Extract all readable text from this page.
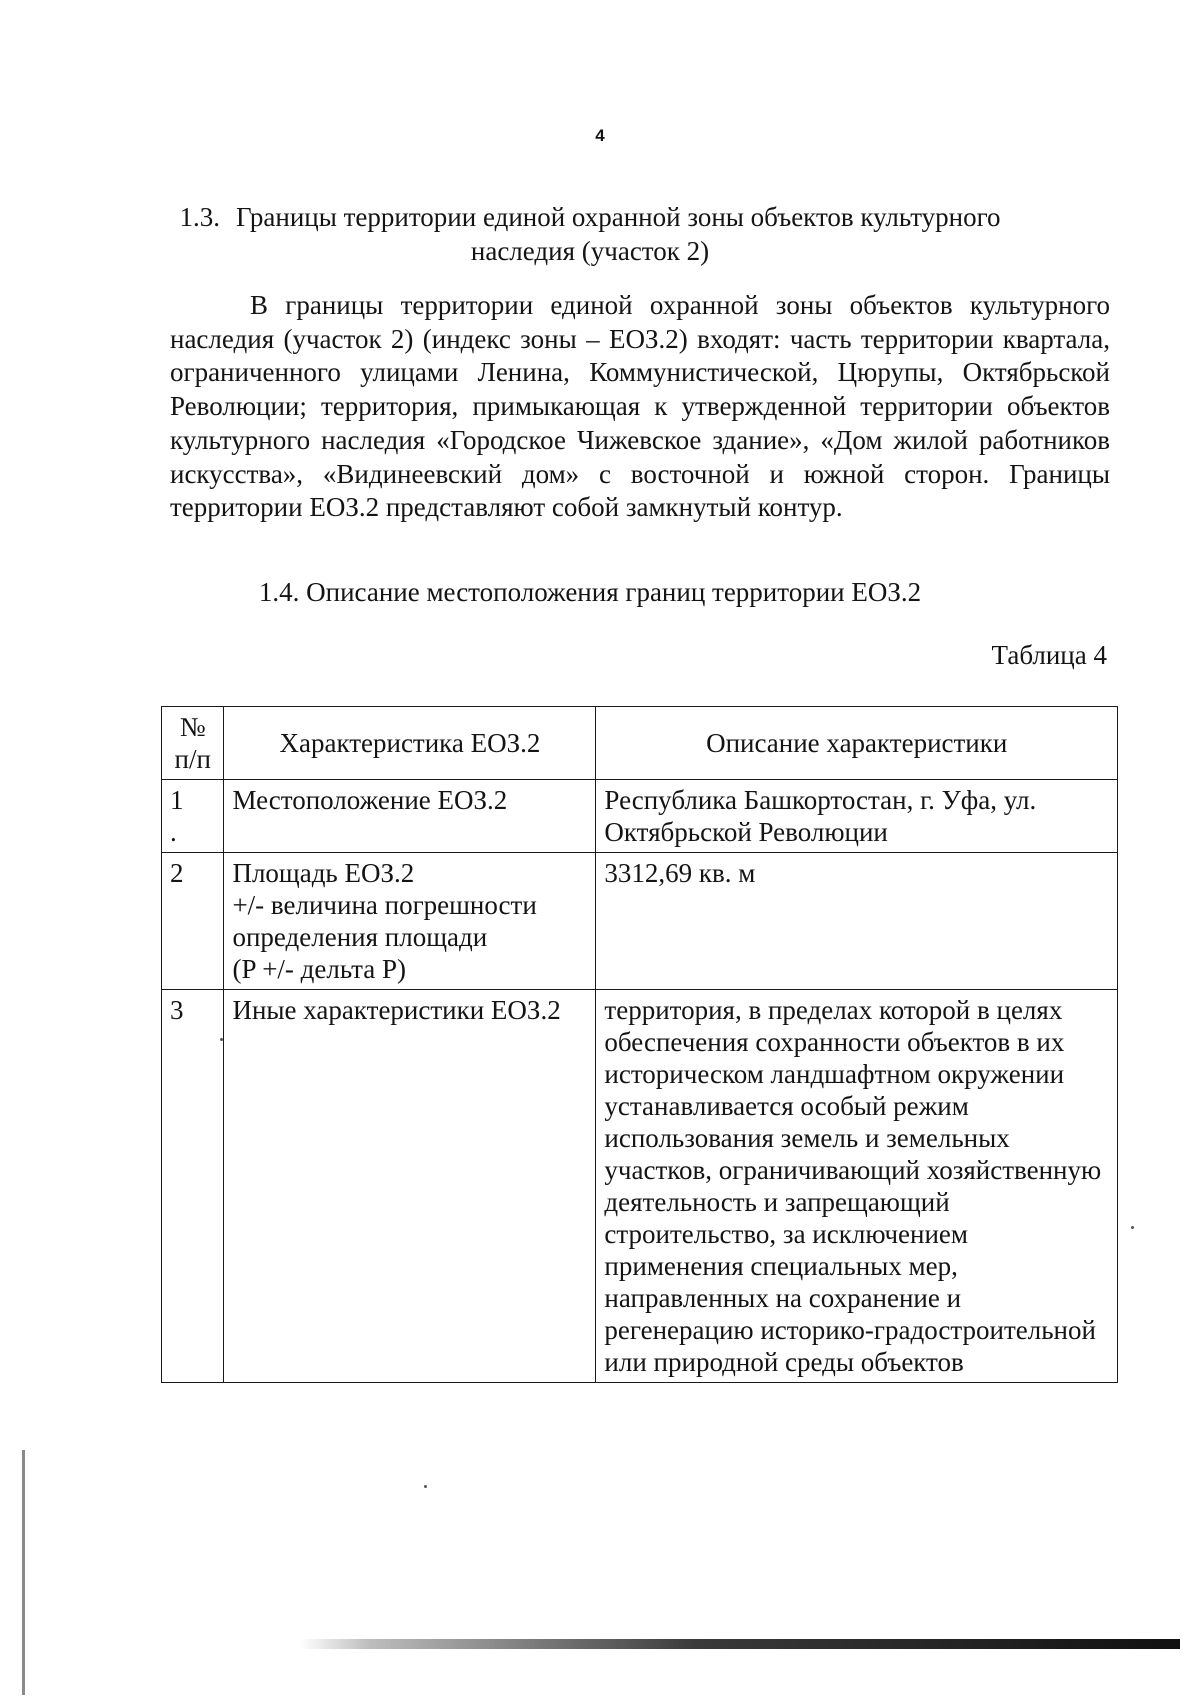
4
1.3. Границы территории единой охранной зоны объектов культурного наследия (участок 2)
В границы территории единой охранной зоны объектов культурного наследия (участок 2) (индекс зоны – ЕОЗ.2) входят: часть территории квартала, ограниченного улицами Ленина, Коммунистической, Цюрупы, Октябрьской Революции; территория, примыкающая к утвержденной территории объектов культурного наследия «Городское Чижевское здание», «Дом жилой работников искусства», «Видинеевский дом» с восточной и южной сторон. Границы территории ЕОЗ.2 представляют собой замкнутый контур.
1.4. Описание местоположения границ территории ЕОЗ.2
Таблица 4
№
п/п	Характеристика ЕОЗ.2	Описание характеристики
1
.	Местоположение ЕОЗ.2	Республика Башкортостан, г. Уфа, ул. Октябрьской Революции
2	Площадь ЕОЗ.2
+/- величина погрешности определения площади
(P +/- дельта P)	3312,69 кв. м
3	Иные характеристики ЕОЗ.2	территория, в пределах которой в целях обеспечения сохранности объектов в их историческом ландшафтном окружении устанавливается особый режим использования земель и земельных участков, ограничивающий хозяйственную деятельность и запрещающий строительство, за исключением применения специальных мер, направленных на сохранение и регенерацию историко-градостроительной или природной среды объектов
